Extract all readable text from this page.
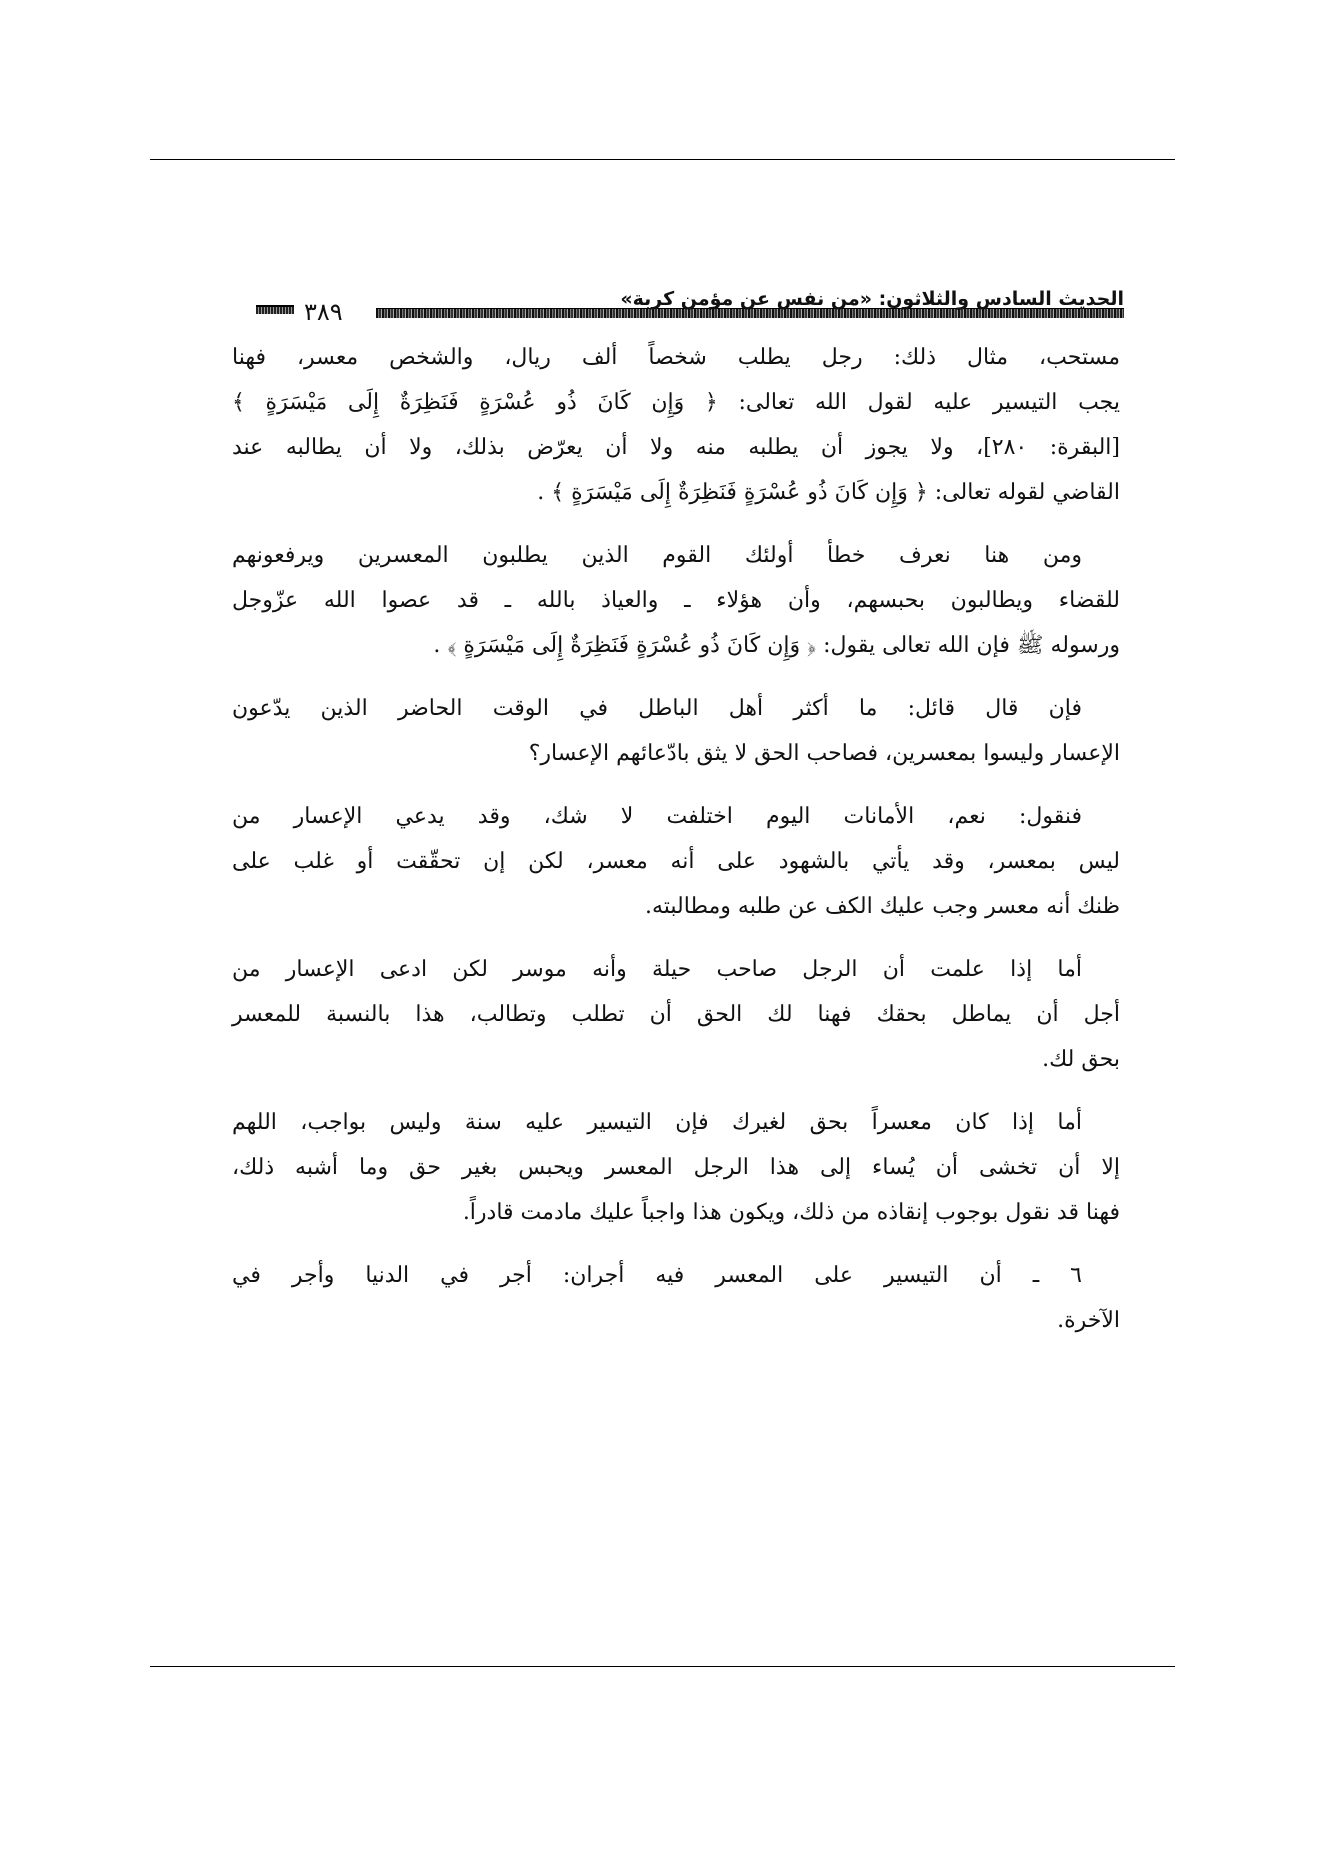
٣٨٩	الحديث السادس والثلاثون: «من نفس عن مؤمن كربة»

مستحب، مثال ذلك: رجل يطلب شخصاً ألف ريال، والشخص معسر، فهنا
يجب التيسير عليه لقول الله تعالى: ﴿ وَإِن كَانَ ذُو عُسْرَةٍ فَنَظِرَةٌ إِلَى مَيْسَرَةٍ ﴾
[البقرة: ٢٨٠]، ولا يجوز أن يطلبه منه ولا أن يعرّض بذلك، ولا أن يطالبه عند
القاضي لقوله تعالى: ﴿ وَإِن كَانَ ذُو عُسْرَةٍ فَنَظِرَةٌ إِلَى مَيْسَرَةٍ ﴾ .

ومن هنا نعرف خطأ أولئك القوم الذين يطلبون المعسرين ويرفعونهم
للقضاء ويطالبون بحبسهم، وأن هؤلاء ـ والعياذ بالله ـ قد عصوا الله عزّوجل
ورسوله ﷺ فإن الله تعالى يقول: ﴿ وَإِن كَانَ ذُو عُسْرَةٍ فَنَظِرَةٌ إِلَى مَيْسَرَةٍ ﴾ .

فإن قال قائل: ما أكثر أهل الباطل في الوقت الحاضر الذين يدّعون
الإعسار وليسوا بمعسرين، فصاحب الحق لا يثق بادّعائهم الإعسار؟

فنقول: نعم، الأمانات اليوم اختلفت لا شك، وقد يدعي الإعسار من
ليس بمعسر، وقد يأتي بالشهود على أنه معسر، لكن إن تحقّقت أو غلب على
ظنك أنه معسر وجب عليك الكف عن طلبه ومطالبته.

أما إذا علمت أن الرجل صاحب حيلة وأنه موسر لكن ادعى الإعسار من
أجل أن يماطل بحقك فهنا لك الحق أن تطلب وتطالب، هذا بالنسبة للمعسر
بحق لك.

أما إذا كان معسراً بحق لغيرك فإن التيسير عليه سنة وليس بواجب، اللهم
إلا أن تخشى أن يُساء إلى هذا الرجل المعسر ويحبس بغير حق وما أشبه ذلك،
فهنا قد نقول بوجوب إنقاذه من ذلك، ويكون هذا واجباً عليك مادمت قادراً.

٦ ـ أن التيسير على المعسر فيه أجران: أجر في الدنيا وأجر في
الآخرة.
